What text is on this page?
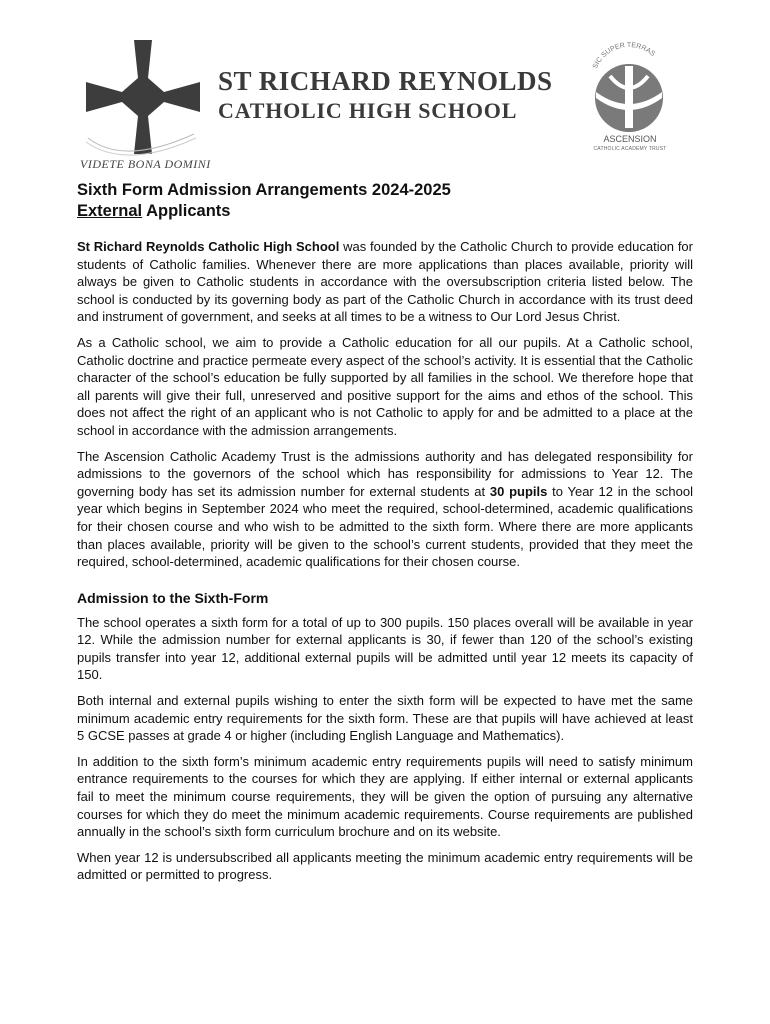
ST RICHARD REYNOLDS
CATHOLIC HIGH SCHOOL
VIDETE BONA DOMINI
SIC SUPER TERRAS
ASCENSION
CATHOLIC ACADEMY TRUST
Sixth Form Admission Arrangements 2024-2025
External Applicants

St Richard Reynolds Catholic High School was founded by the Catholic Church to provide education for students of Catholic families. Whenever there are more applications than places available, priority will always be given to Catholic students in accordance with the oversubscription criteria listed below. The school is conducted by its governing body as part of the Catholic Church in accordance with its trust deed and instrument of government, and seeks at all times to be a witness to Our Lord Jesus Christ.

As a Catholic school, we aim to provide a Catholic education for all our pupils. At a Catholic school, Catholic doctrine and practice permeate every aspect of the school’s activity. It is essential that the Catholic character of the school’s education be fully supported by all families in the school. We therefore hope that all parents will give their full, unreserved and positive support for the aims and ethos of the school. This does not affect the right of an applicant who is not Catholic to apply for and be admitted to a place at the school in accordance with the admission arrangements.

The Ascension Catholic Academy Trust is the admissions authority and has delegated responsibility for admissions to the governors of the school which has responsibility for admissions to Year 12. The governing body has set its admission number for external students at 30 pupils to Year 12 in the school year which begins in September 2024 who meet the required, school-determined, academic qualifications for their chosen course and who wish to be admitted to the sixth form. Where there are more applicants than places available, priority will be given to the school’s current students, provided that they meet the required, school-determined, academic qualifications for their chosen course.

Admission to the Sixth-Form

The school operates a sixth form for a total of up to 300 pupils. 150 places overall will be available in year 12. While the admission number for external applicants is 30, if fewer than 120 of the school’s existing pupils transfer into year 12, additional external pupils will be admitted until year 12 meets its capacity of 150.

Both internal and external pupils wishing to enter the sixth form will be expected to have met the same minimum academic entry requirements for the sixth form. These are that pupils will have achieved at least 5 GCSE passes at grade 4 or higher (including English Language and Mathematics).

In addition to the sixth form’s minimum academic entry requirements pupils will need to satisfy minimum entrance requirements to the courses for which they are applying. If either internal or external applicants fail to meet the minimum course requirements, they will be given the option of pursuing any alternative courses for which they do meet the minimum academic requirements. Course requirements are published annually in the school’s sixth form curriculum brochure and on its website.

When year 12 is undersubscribed all applicants meeting the minimum academic entry requirements will be admitted or permitted to progress.
